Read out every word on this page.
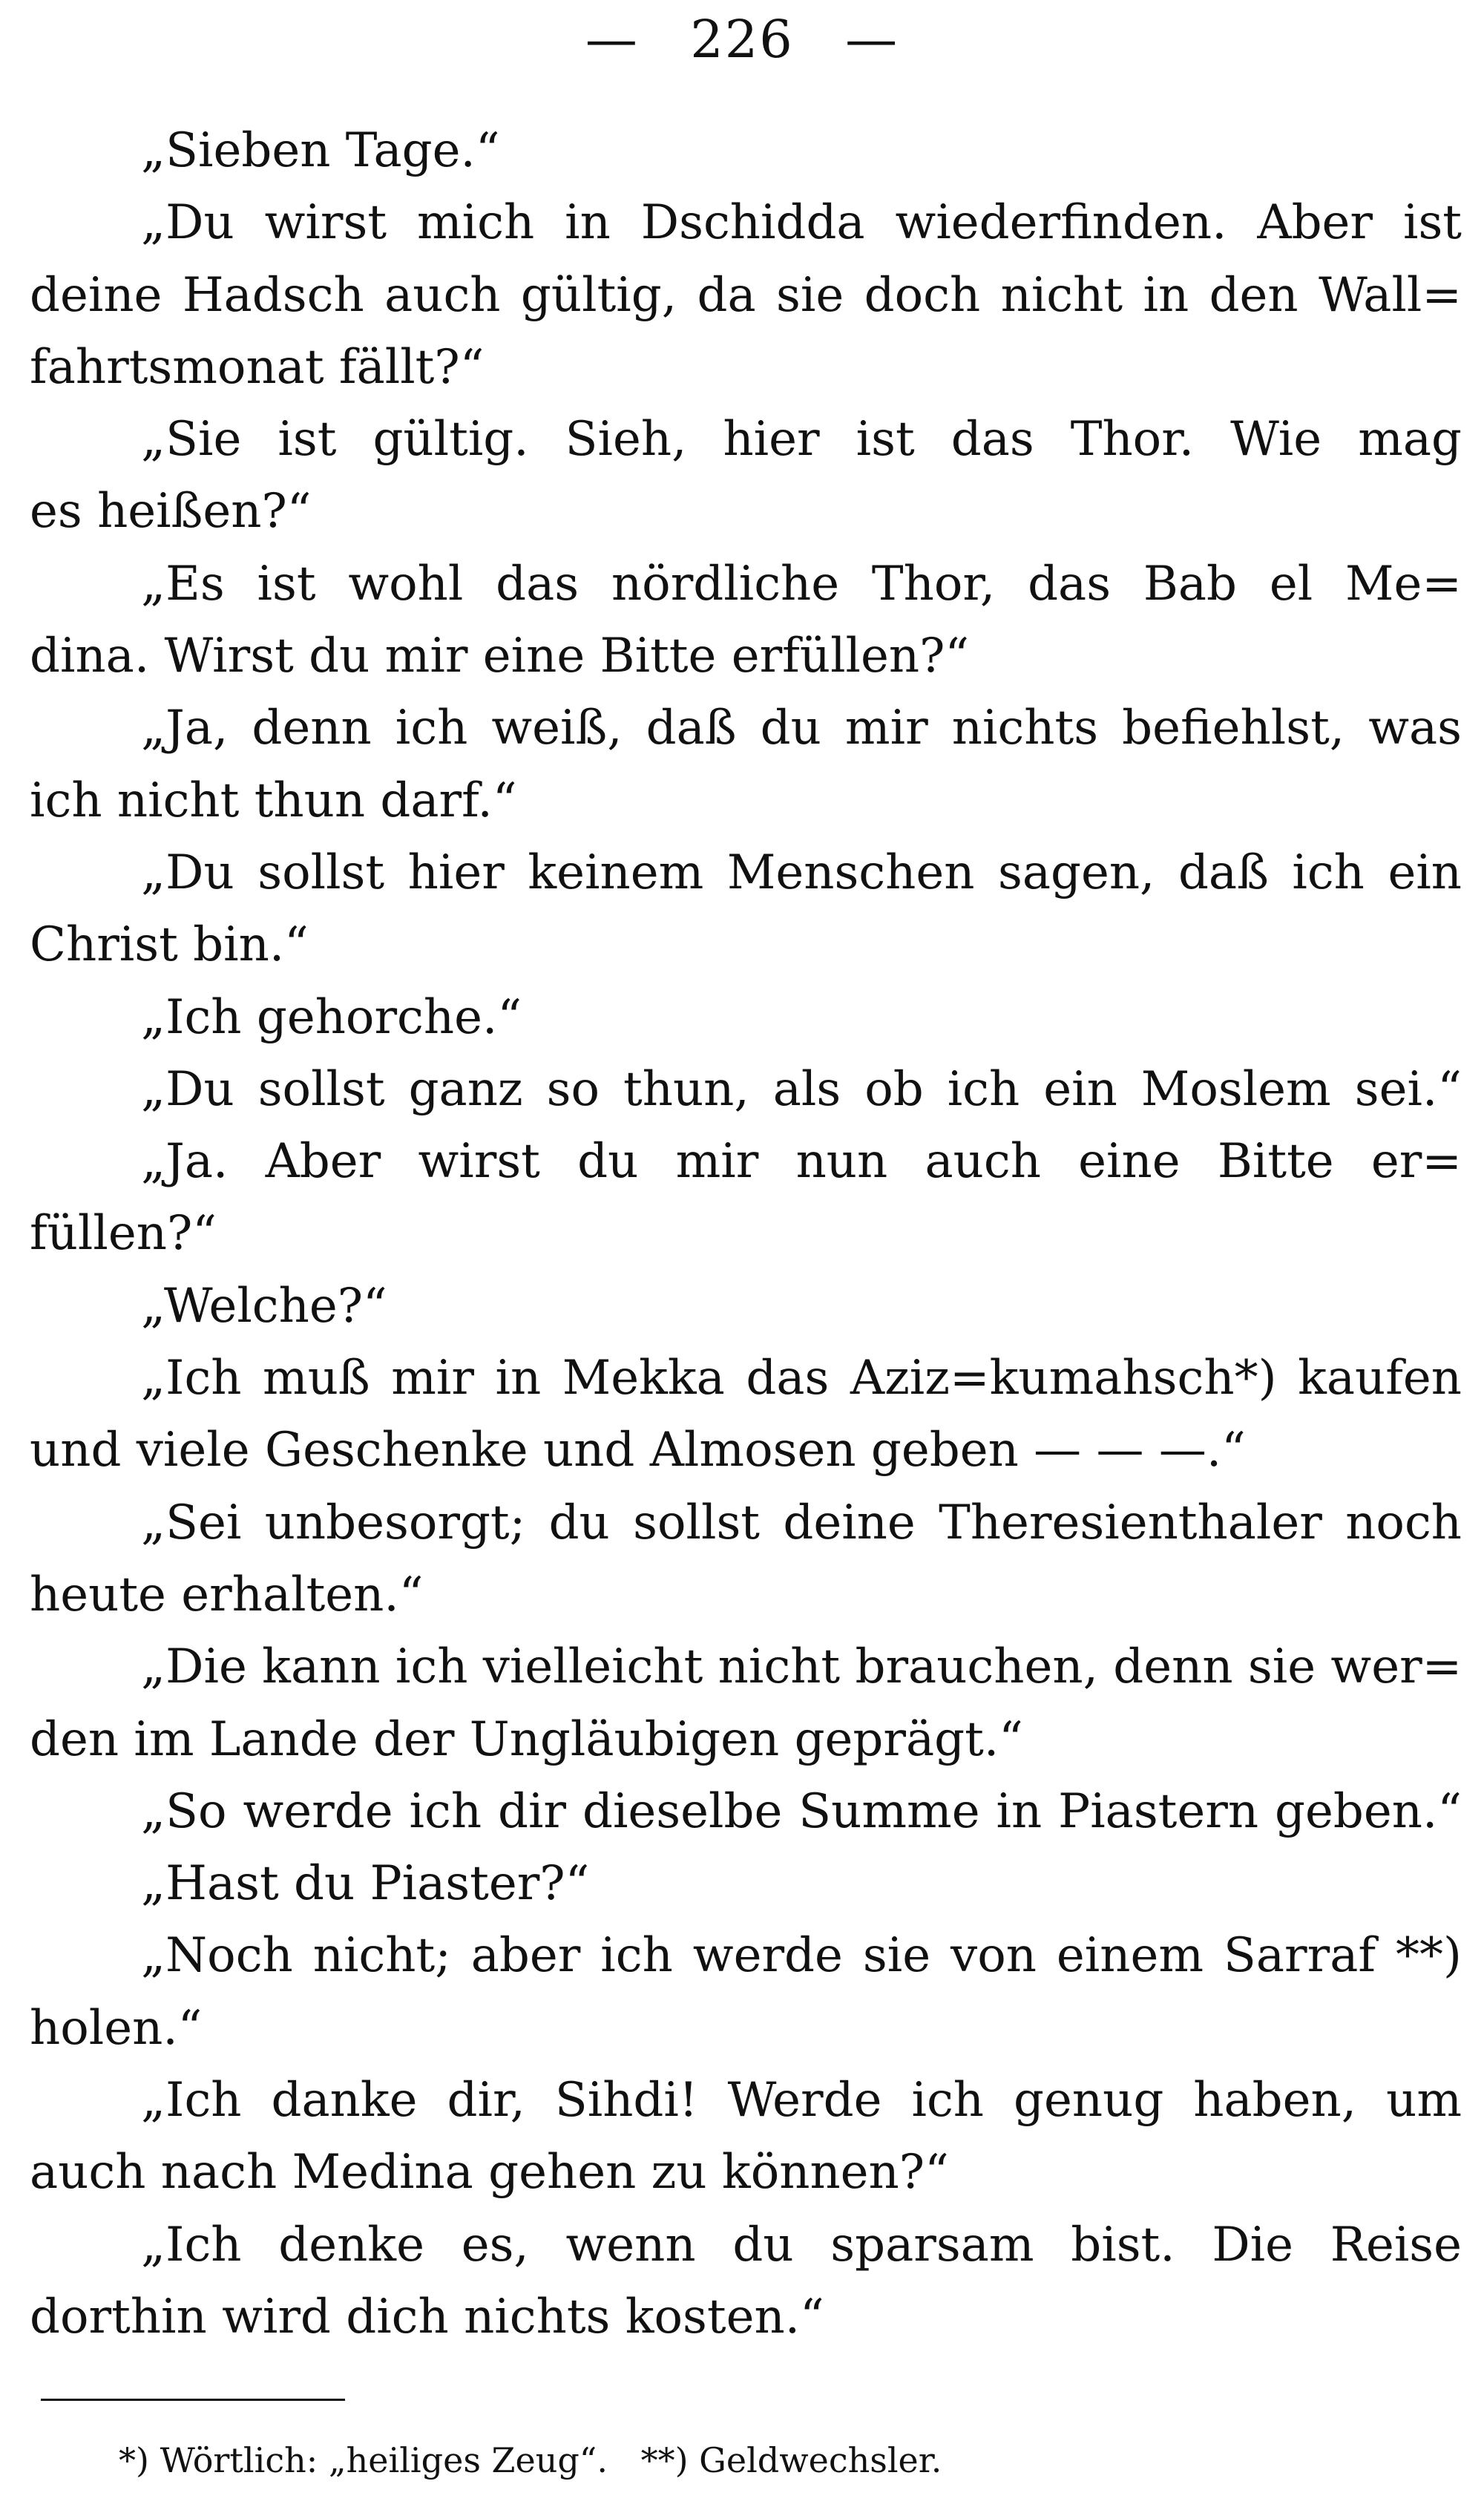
— 226 —
„Sieben Tage.“
„Du wirst mich in Dschidda wiederfinden. Aber ist
deine Hadsch auch gültig, da sie doch nicht in den Wall=
fahrtsmonat fällt?“
„Sie ist gültig. Sieh, hier ist das Thor. Wie mag
es heißen?“
„Es ist wohl das nördliche Thor, das Bab el Me=
dina. Wirst du mir eine Bitte erfüllen?“
„Ja, denn ich weiß, daß du mir nichts befiehlst, was
ich nicht thun darf.“
„Du sollst hier keinem Menschen sagen, daß ich ein
Christ bin.“
„Ich gehorche.“
„Du sollst ganz so thun, als ob ich ein Moslem sei.“
„Ja. Aber wirst du mir nun auch eine Bitte er=
füllen?“
„Welche?“
„Ich muß mir in Mekka das Aziz=kumahsch*) kaufen
und viele Geschenke und Almosen geben — — —.“
„Sei unbesorgt; du sollst deine Theresienthaler noch
heute erhalten.“
„Die kann ich vielleicht nicht brauchen, denn sie wer=
den im Lande der Ungläubigen geprägt.“
„So werde ich dir dieselbe Summe in Piastern geben.“
„Hast du Piaster?“
„Noch nicht; aber ich werde sie von einem Sarraf **)
holen.“
„Ich danke dir, Sihdi! Werde ich genug haben, um
auch nach Medina gehen zu können?“
„Ich denke es, wenn du sparsam bist. Die Reise
dorthin wird dich nichts kosten.“
*) Wörtlich: „heiliges Zeug“. **) Geldwechsler.
